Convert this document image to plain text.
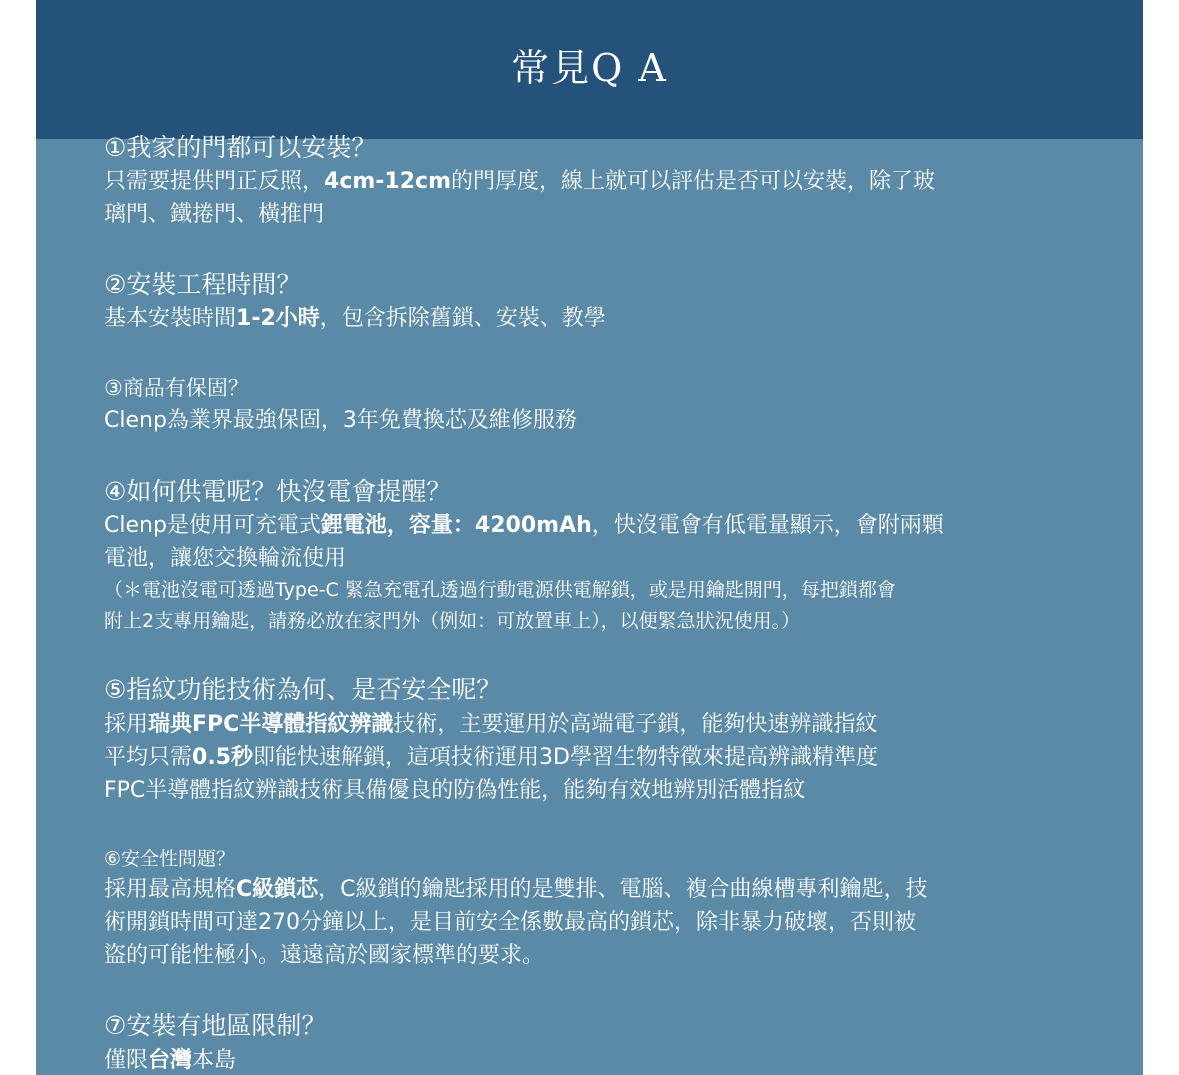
常見Q A
①我家的門都可以安裝？
只需要提供門正反照，4cm-12cm的門厚度，線上就可以評估是否可以安裝，除了玻
璃門、鐵捲門、橫推門
②安裝工程時間？
基本安裝時間1-2小時，包含拆除舊鎖、安裝、教學
③商品有保固？
Clenp為業界最強保固，3年免費換芯及維修服務
④如何供電呢？快沒電會提醒？
Clenp是使用可充電式鋰電池，容量：4200mAh，快沒電會有低電量顯示，會附兩顆
電池，讓您交換輪流使用
（＊電池沒電可透過Type-C 緊急充電孔透過行動電源供電解鎖，或是用鑰匙開門，每把鎖都會
附上2支專用鑰匙，請務必放在家門外（例如：可放置車上），以便緊急狀況使用。）
⑤指紋功能技術為何、是否安全呢？
採用瑞典FPC半導體指紋辨識技術，主要運用於高端電子鎖，能夠快速辨識指紋
平均只需0.5秒即能快速解鎖，這項技術運用3D學習生物特徵來提高辨識精準度
FPC半導體指紋辨識技術具備優良的防偽性能，能夠有效地辨別活體指紋
⑥安全性問題？
採用最高規格C級鎖芯，C級鎖的鑰匙採用的是雙排、電腦、複合曲線槽專利鑰匙，技
術開鎖時間可達270分鐘以上，是目前安全係數最高的鎖芯，除非暴力破壞，否則被
盜的可能性極小。遠遠高於國家標準的要求。
⑦安裝有地區限制？
僅限台灣本島
